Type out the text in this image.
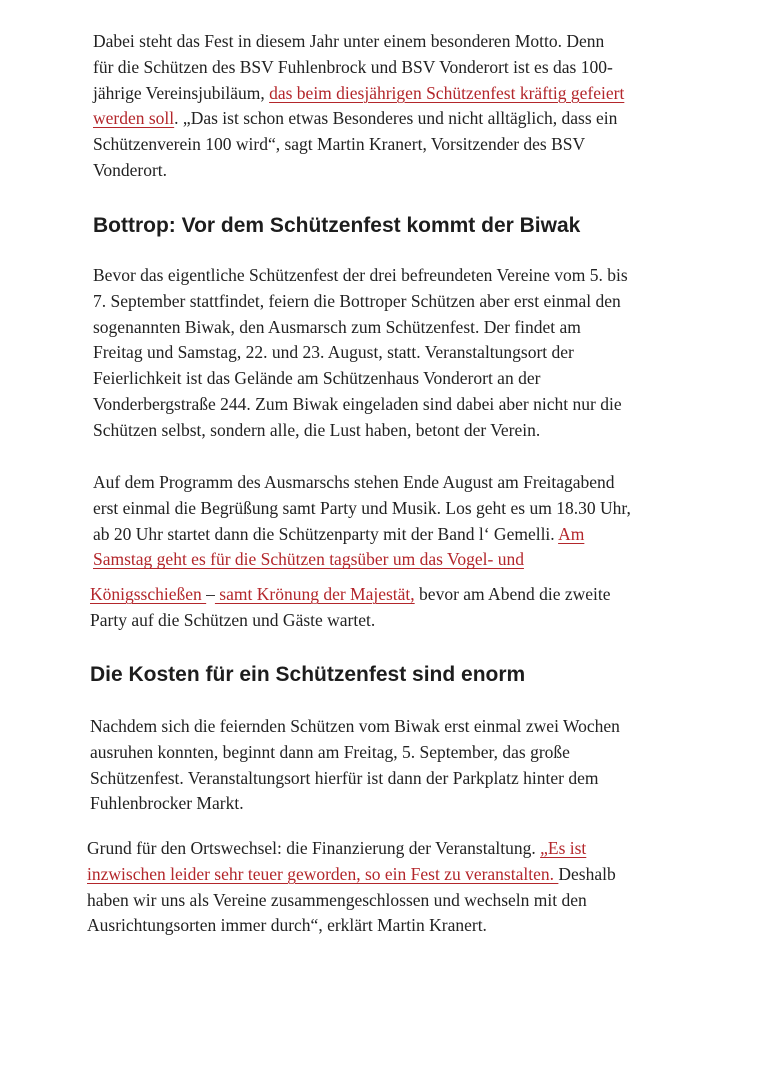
Dabei steht das Fest in diesem Jahr unter einem besonderen Motto. Denn
für die Schützen des BSV Fuhlenbrock und BSV Vonderort ist es das 100-
jährige Vereinsjubiläum, das beim diesjährigen Schützenfest kräftig gefeiert
werden soll. „Das ist schon etwas Besonderes und nicht alltäglich, dass ein
Schützenverein 100 wird“, sagt Martin Kranert, Vorsitzender des BSV
Vonderort.
Bottrop: Vor dem Schützenfest kommt der Biwak
Bevor das eigentliche Schützenfest der drei befreundeten Vereine vom 5. bis
7. September stattfindet, feiern die Bottroper Schützen aber erst einmal den
sogenannten Biwak, den Ausmarsch zum Schützenfest. Der findet am
Freitag und Samstag, 22. und 23. August, statt. Veranstaltungsort der
Feierlichkeit ist das Gelände am Schützenhaus Vonderort an der
Vonderbergstraße 244. Zum Biwak eingeladen sind dabei aber nicht nur die
Schützen selbst, sondern alle, die Lust haben, betont der Verein.
Auf dem Programm des Ausmarschs stehen Ende August am Freitagabend
erst einmal die Begrüßung samt Party und Musik. Los geht es um 18.30 Uhr,
ab 20 Uhr startet dann die Schützenparty mit der Band l‘ Gemelli. Am
Samstag geht es für die Schützen tagsüber um das Vogel- und
Königsschießen – samt Krönung der Majestät, bevor am Abend die zweite
Party auf die Schützen und Gäste wartet.
Die Kosten für ein Schützenfest sind enorm
Nachdem sich die feiernden Schützen vom Biwak erst einmal zwei Wochen
ausruhen konnten, beginnt dann am Freitag, 5. September, das große
Schützenfest. Veranstaltungsort hierfür ist dann der Parkplatz hinter dem
Fuhlenbrocker Markt.
Grund für den Ortswechsel: die Finanzierung der Veranstaltung. „Es ist
inzwischen leider sehr teuer geworden, so ein Fest zu veranstalten. Deshalb
haben wir uns als Vereine zusammengeschlossen und wechseln mit den
Ausrichtungsorten immer durch“, erklärt Martin Kranert.
